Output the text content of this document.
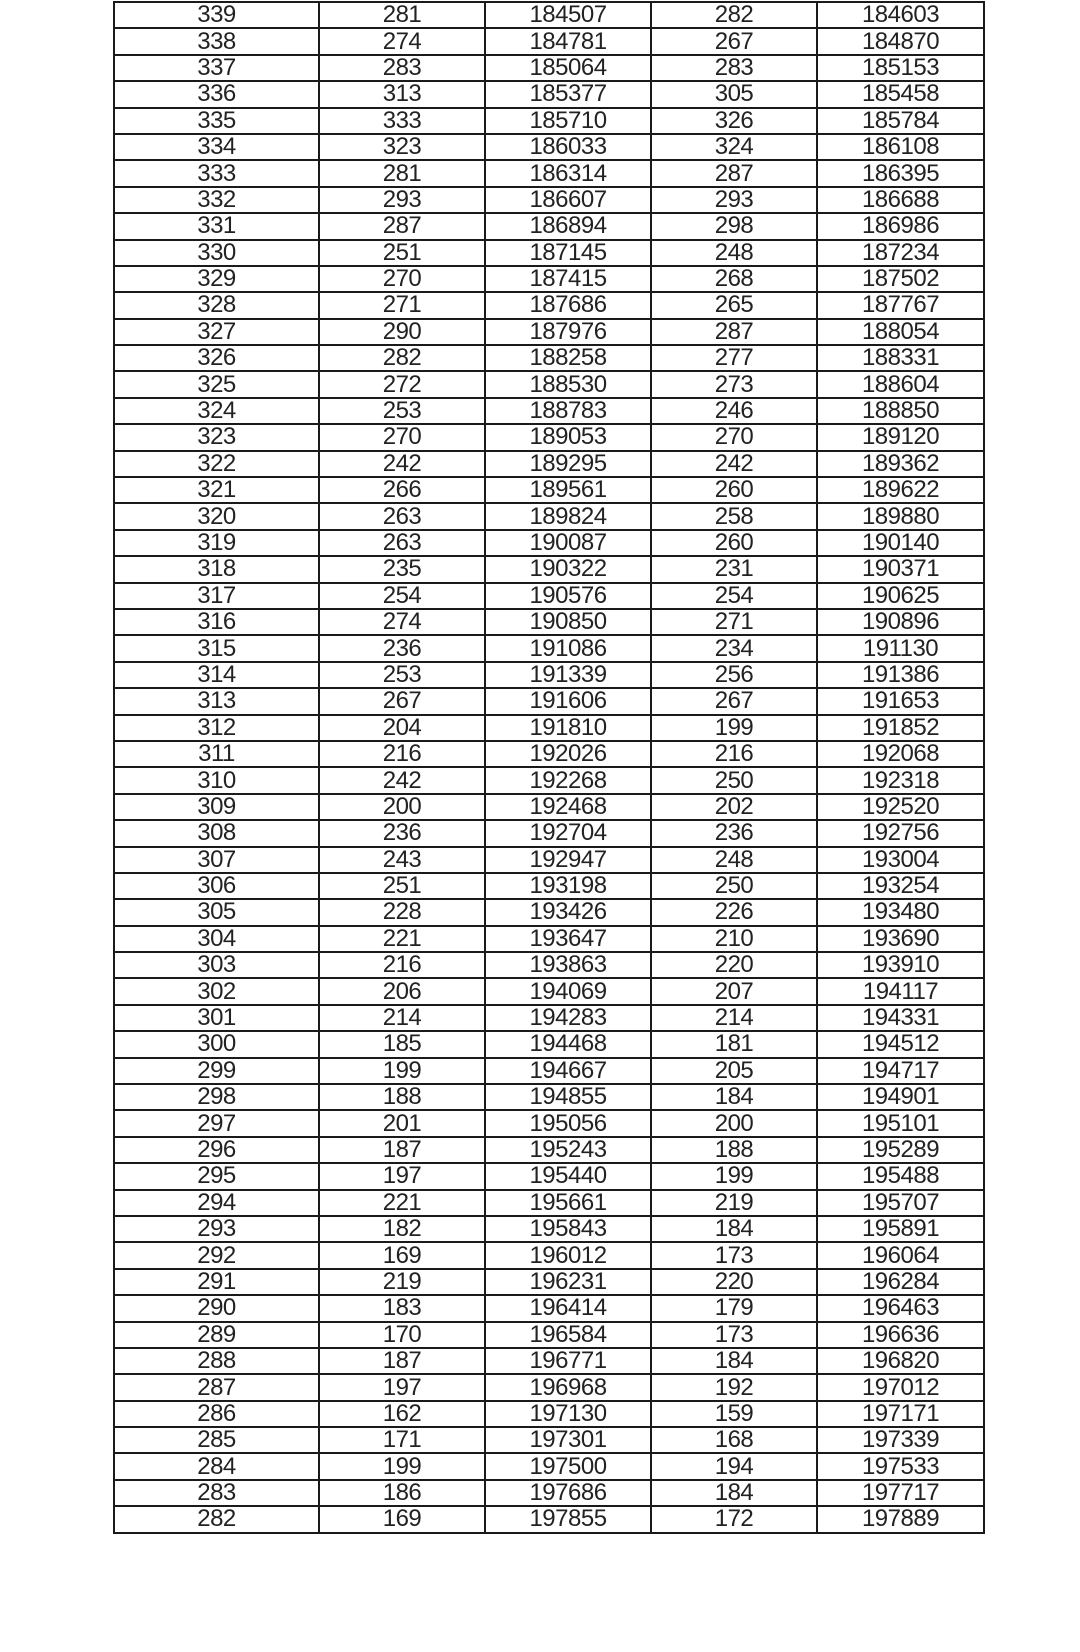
339	281	184507	282	184603
338	274	184781	267	184870
337	283	185064	283	185153
336	313	185377	305	185458
335	333	185710	326	185784
334	323	186033	324	186108
333	281	186314	287	186395
332	293	186607	293	186688
331	287	186894	298	186986
330	251	187145	248	187234
329	270	187415	268	187502
328	271	187686	265	187767
327	290	187976	287	188054
326	282	188258	277	188331
325	272	188530	273	188604
324	253	188783	246	188850
323	270	189053	270	189120
322	242	189295	242	189362
321	266	189561	260	189622
320	263	189824	258	189880
319	263	190087	260	190140
318	235	190322	231	190371
317	254	190576	254	190625
316	274	190850	271	190896
315	236	191086	234	191130
314	253	191339	256	191386
313	267	191606	267	191653
312	204	191810	199	191852
311	216	192026	216	192068
310	242	192268	250	192318
309	200	192468	202	192520
308	236	192704	236	192756
307	243	192947	248	193004
306	251	193198	250	193254
305	228	193426	226	193480
304	221	193647	210	193690
303	216	193863	220	193910
302	206	194069	207	194117
301	214	194283	214	194331
300	185	194468	181	194512
299	199	194667	205	194717
298	188	194855	184	194901
297	201	195056	200	195101
296	187	195243	188	195289
295	197	195440	199	195488
294	221	195661	219	195707
293	182	195843	184	195891
292	169	196012	173	196064
291	219	196231	220	196284
290	183	196414	179	196463
289	170	196584	173	196636
288	187	196771	184	196820
287	197	196968	192	197012
286	162	197130	159	197171
285	171	197301	168	197339
284	199	197500	194	197533
283	186	197686	184	197717
282	169	197855	172	197889
